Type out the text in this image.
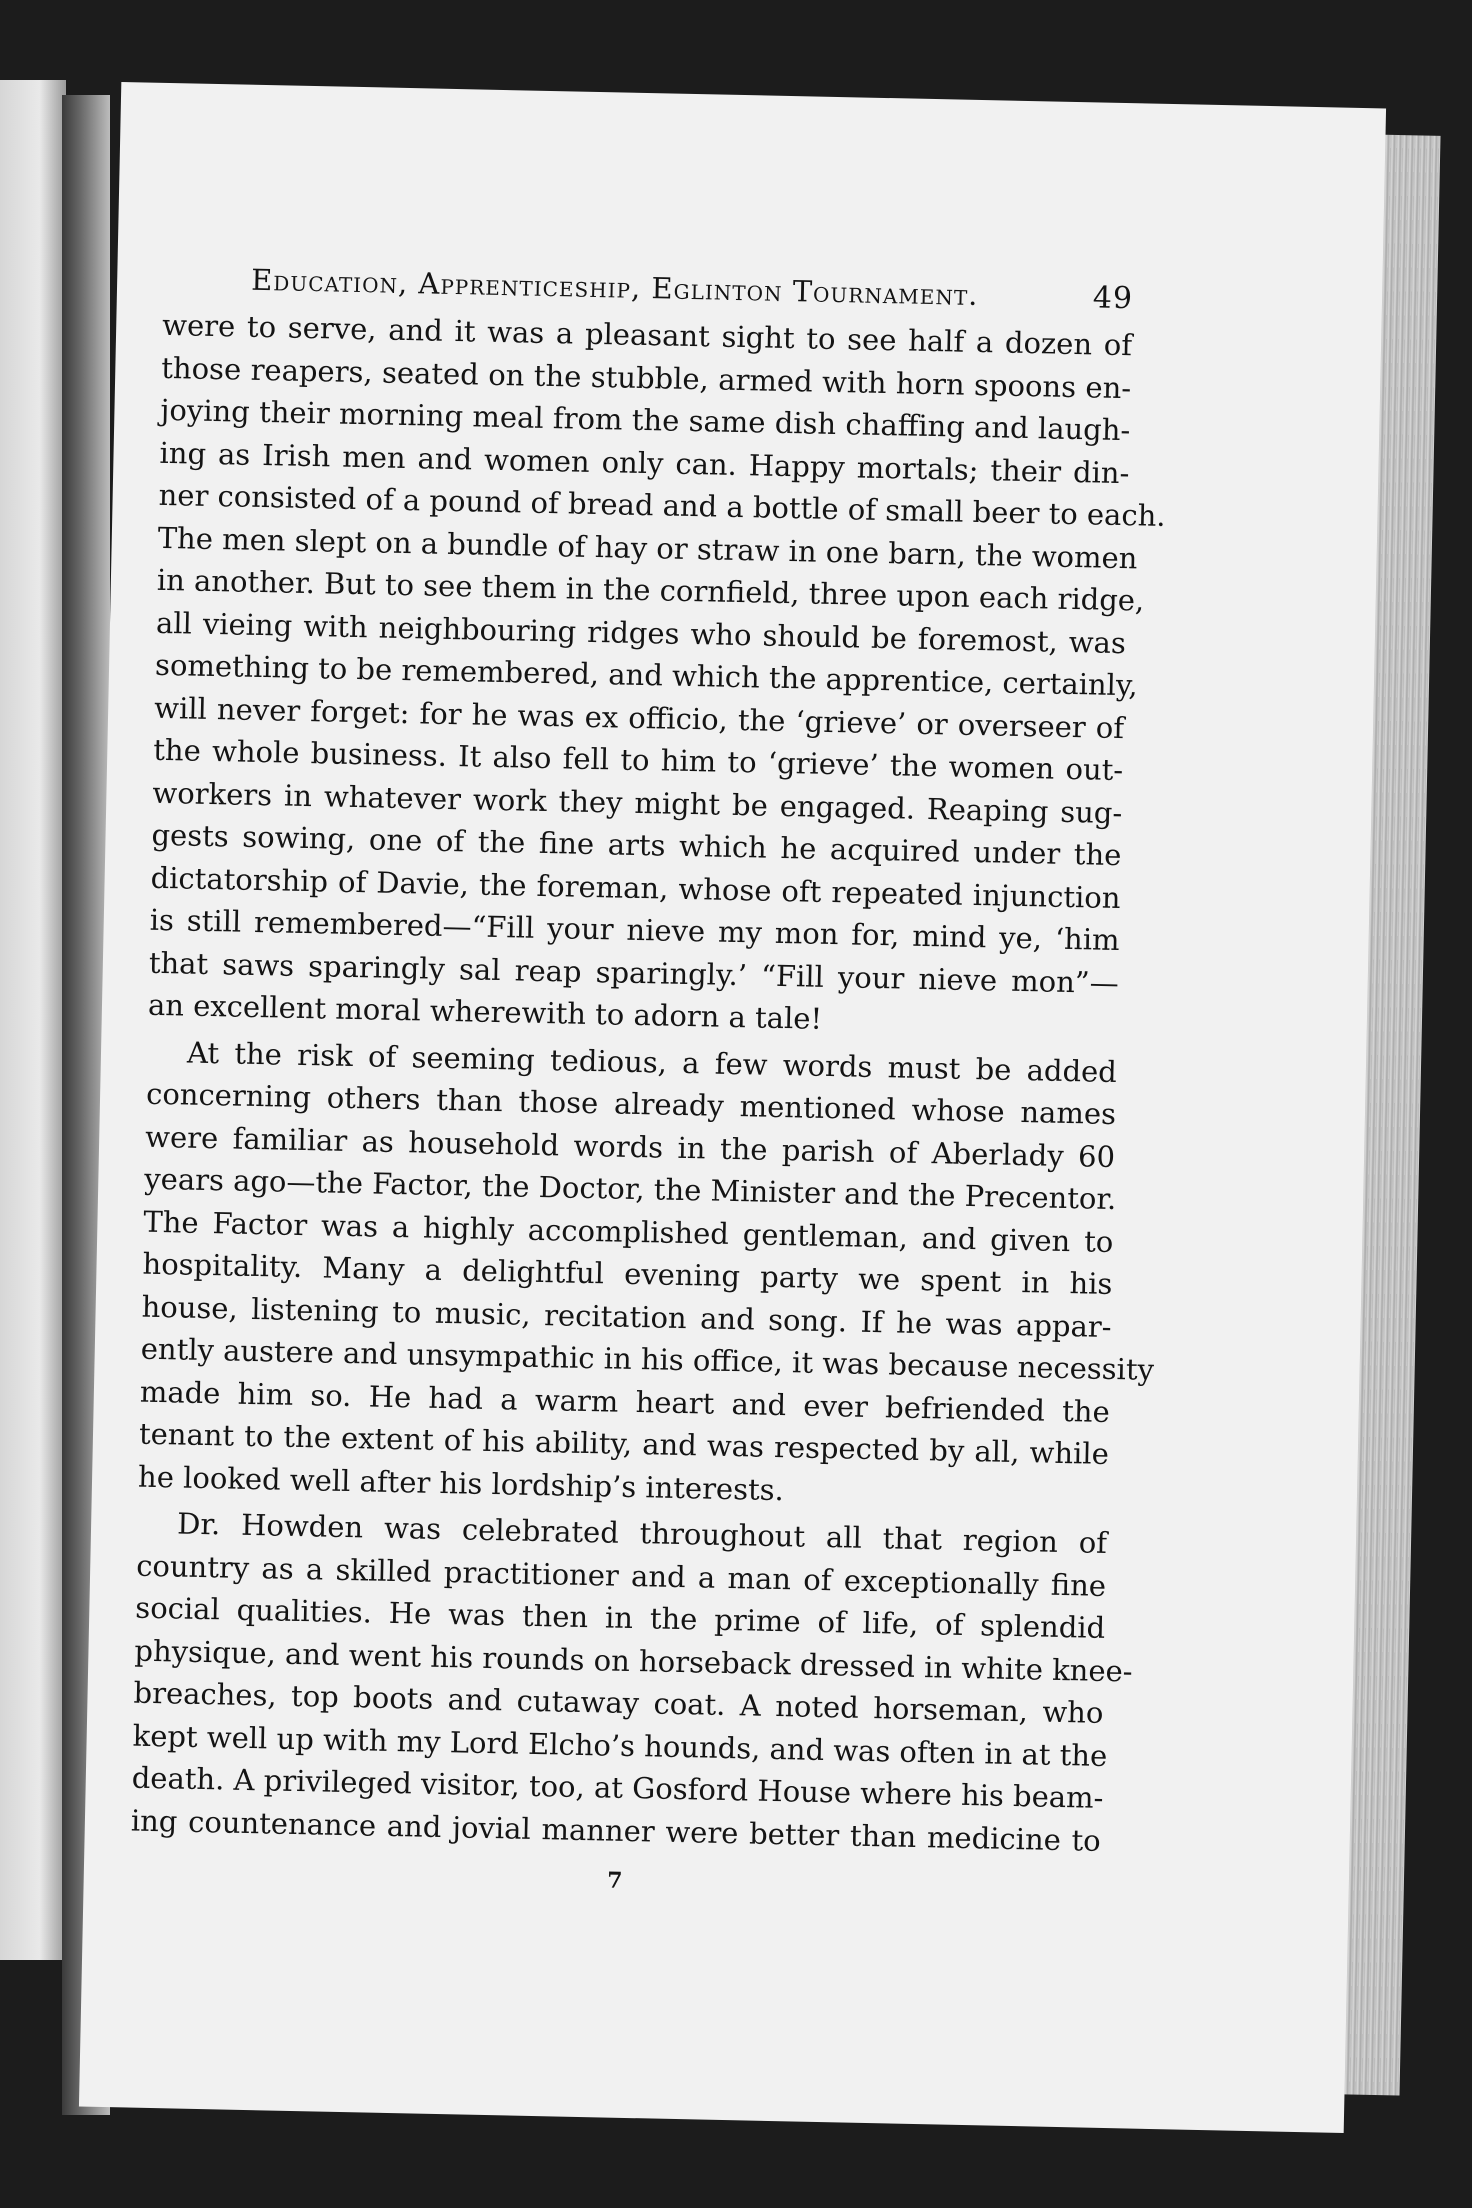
Education, Apprenticeship, Eglinton Tournament.	49
were to serve, and it was a pleasant sight to see half a dozen of
those reapers, seated on the stubble, armed with horn spoons en-
joying their morning meal from the same dish chaffing and laugh-
ing as Irish men and women only can. Happy mortals; their din-
ner consisted of a pound of bread and a bottle of small beer to each.
The men slept on a bundle of hay or straw in one barn, the women
in another. But to see them in the cornfield, three upon each ridge,
all vieing with neighbouring ridges who should be foremost, was
something to be remembered, and which the apprentice, certainly,
will never forget: for he was ex officio, the ‘grieve’ or overseer of
the whole business. It also fell to him to ‘grieve’ the women out-
workers in whatever work they might be engaged. Reaping sug-
gests sowing, one of the fine arts which he acquired under the
dictatorship of Davie, the foreman, whose oft repeated injunction
is still remembered—“Fill your nieve my mon for, mind ye, ‘him
that saws sparingly sal reap sparingly.’ “Fill your nieve mon”—
an excellent moral wherewith to adorn a tale!
At the risk of seeming tedious, a few words must be added
concerning others than those already mentioned whose names
were familiar as household words in the parish of Aberlady 60
years ago—the Factor, the Doctor, the Minister and the Precentor.
The Factor was a highly accomplished gentleman, and given to
hospitality. Many a delightful evening party we spent in his
house, listening to music, recitation and song. If he was appar-
ently austere and unsympathic in his office, it was because necessity
made him so. He had a warm heart and ever befriended the
tenant to the extent of his ability, and was respected by all, while
he looked well after his lordship’s interests.
Dr. Howden was celebrated throughout all that region of
country as a skilled practitioner and a man of exceptionally fine
social qualities. He was then in the prime of life, of splendid
physique, and went his rounds on horseback dressed in white knee-
breaches, top boots and cutaway coat. A noted horseman, who
kept well up with my Lord Elcho’s hounds, and was often in at the
death. A privileged visitor, too, at Gosford House where his beam-
ing countenance and jovial manner were better than medicine to
7
